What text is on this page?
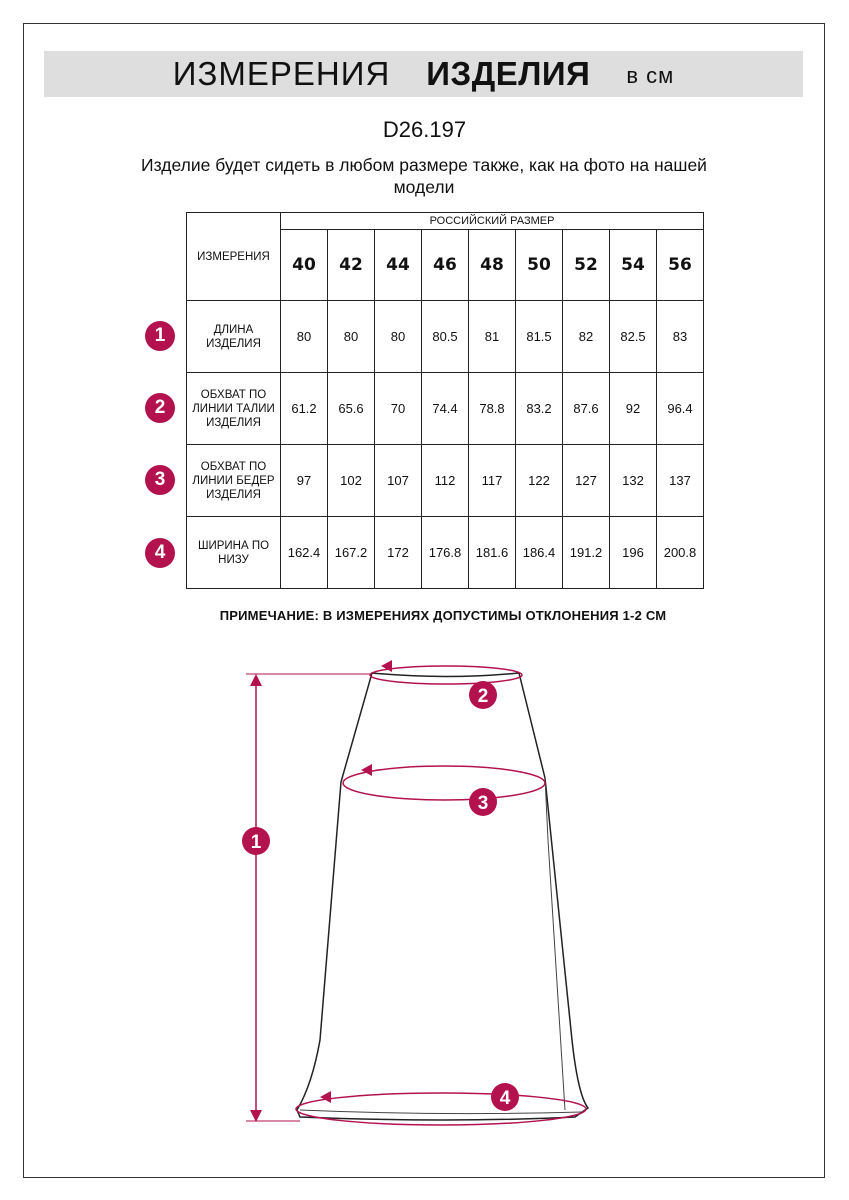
ИЗМЕРЕНИЯ ИЗДЕЛИЯ в см
D26.197
Изделие будет сидеть в любом размере также, как на фото на нашей модели
ИЗМЕРЕНИЯ	РОССИЙСКИЙ РАЗМЕР								
	40	42	44	46	48	50	52	54	56
ДЛИНА ИЗДЕЛИЯ	80	80	80	80.5	81	81.5	82	82.5	83
ОБХВАТ ПО ЛИНИИ ТАЛИИ ИЗДЕЛИЯ	61.2	65.6	70	74.4	78.8	83.2	87.6	92	96.4
ОБХВАТ ПО ЛИНИИ БЕДЕР ИЗДЕЛИЯ	97	102	107	112	117	122	127	132	137
ШИРИНА ПО НИЗУ	162.4	167.2	172	176.8	181.6	186.4	191.2	196	200.8
1
2
3
4
ПРИМЕЧАНИЕ: В ИЗМЕРЕНИЯХ ДОПУСТИМЫ ОТКЛОНЕНИЯ 1-2 СМ
1
2
3
4
